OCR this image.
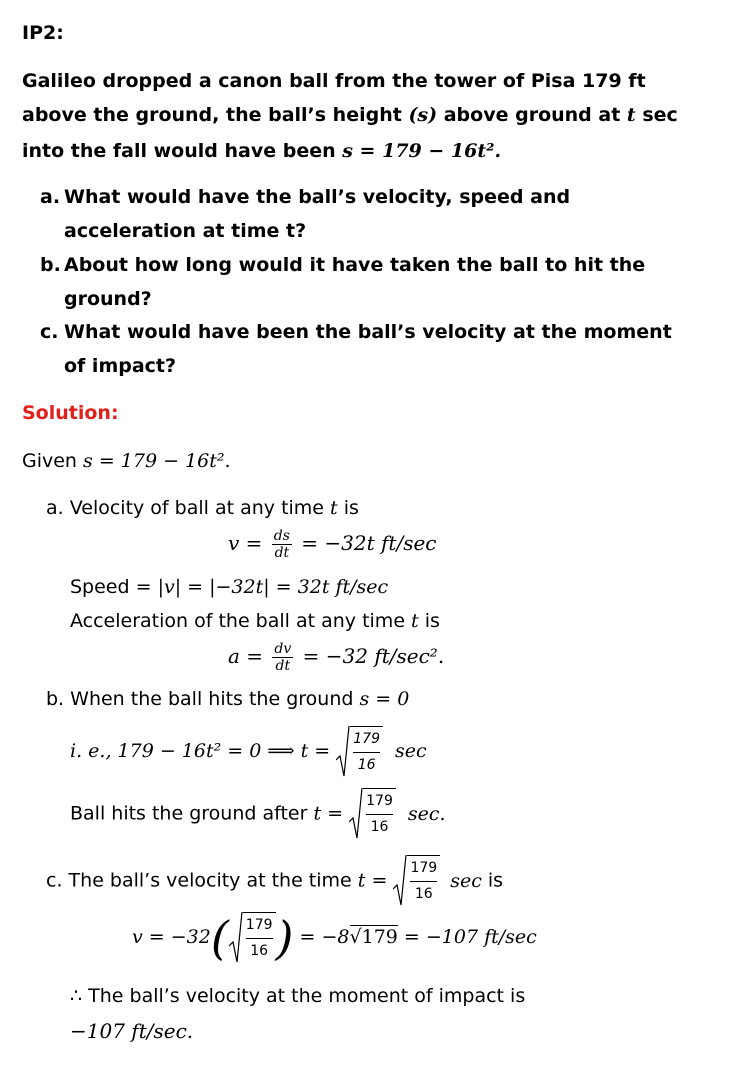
IP2:
Galileo dropped a canon ball from the tower of Pisa 179 ft
above the ground, the ball’s height (s) above ground at t sec
into the fall would have been s = 179 − 16t².
a. What would have the ball’s velocity, speed and
acceleration at time t?
b. About how long would it have taken the ball to hit the
ground?
c. What would have been the ball’s velocity at the moment
of impact?
Solution:
Given s = 179 − 16t².
a. Velocity of ball at any time t is
$v = \frac{ds}{dt} = -32t$ ft/sec
Speed = |v| = |−32t| = 32t ft/sec
Acceleration of the ball at any time t is
$a = \frac{dv}{dt} = -32$ ft/sec².
b. When the ball hits the ground s = 0
i. e., 179 − 16t² = 0 ⟹ $t = \frac{179}{16}$ sec
Ball hits the ground after $t = \frac{179}{16} \sec$.
c. The ball’s velocity at the time $t = \frac{179}{16}$ sec is
$v = -32( \frac{179}{16}$ ) = −8√179 = −107 ft/sec
∴ The ball’s velocity at the moment of impact is
−107 ft/sec.
